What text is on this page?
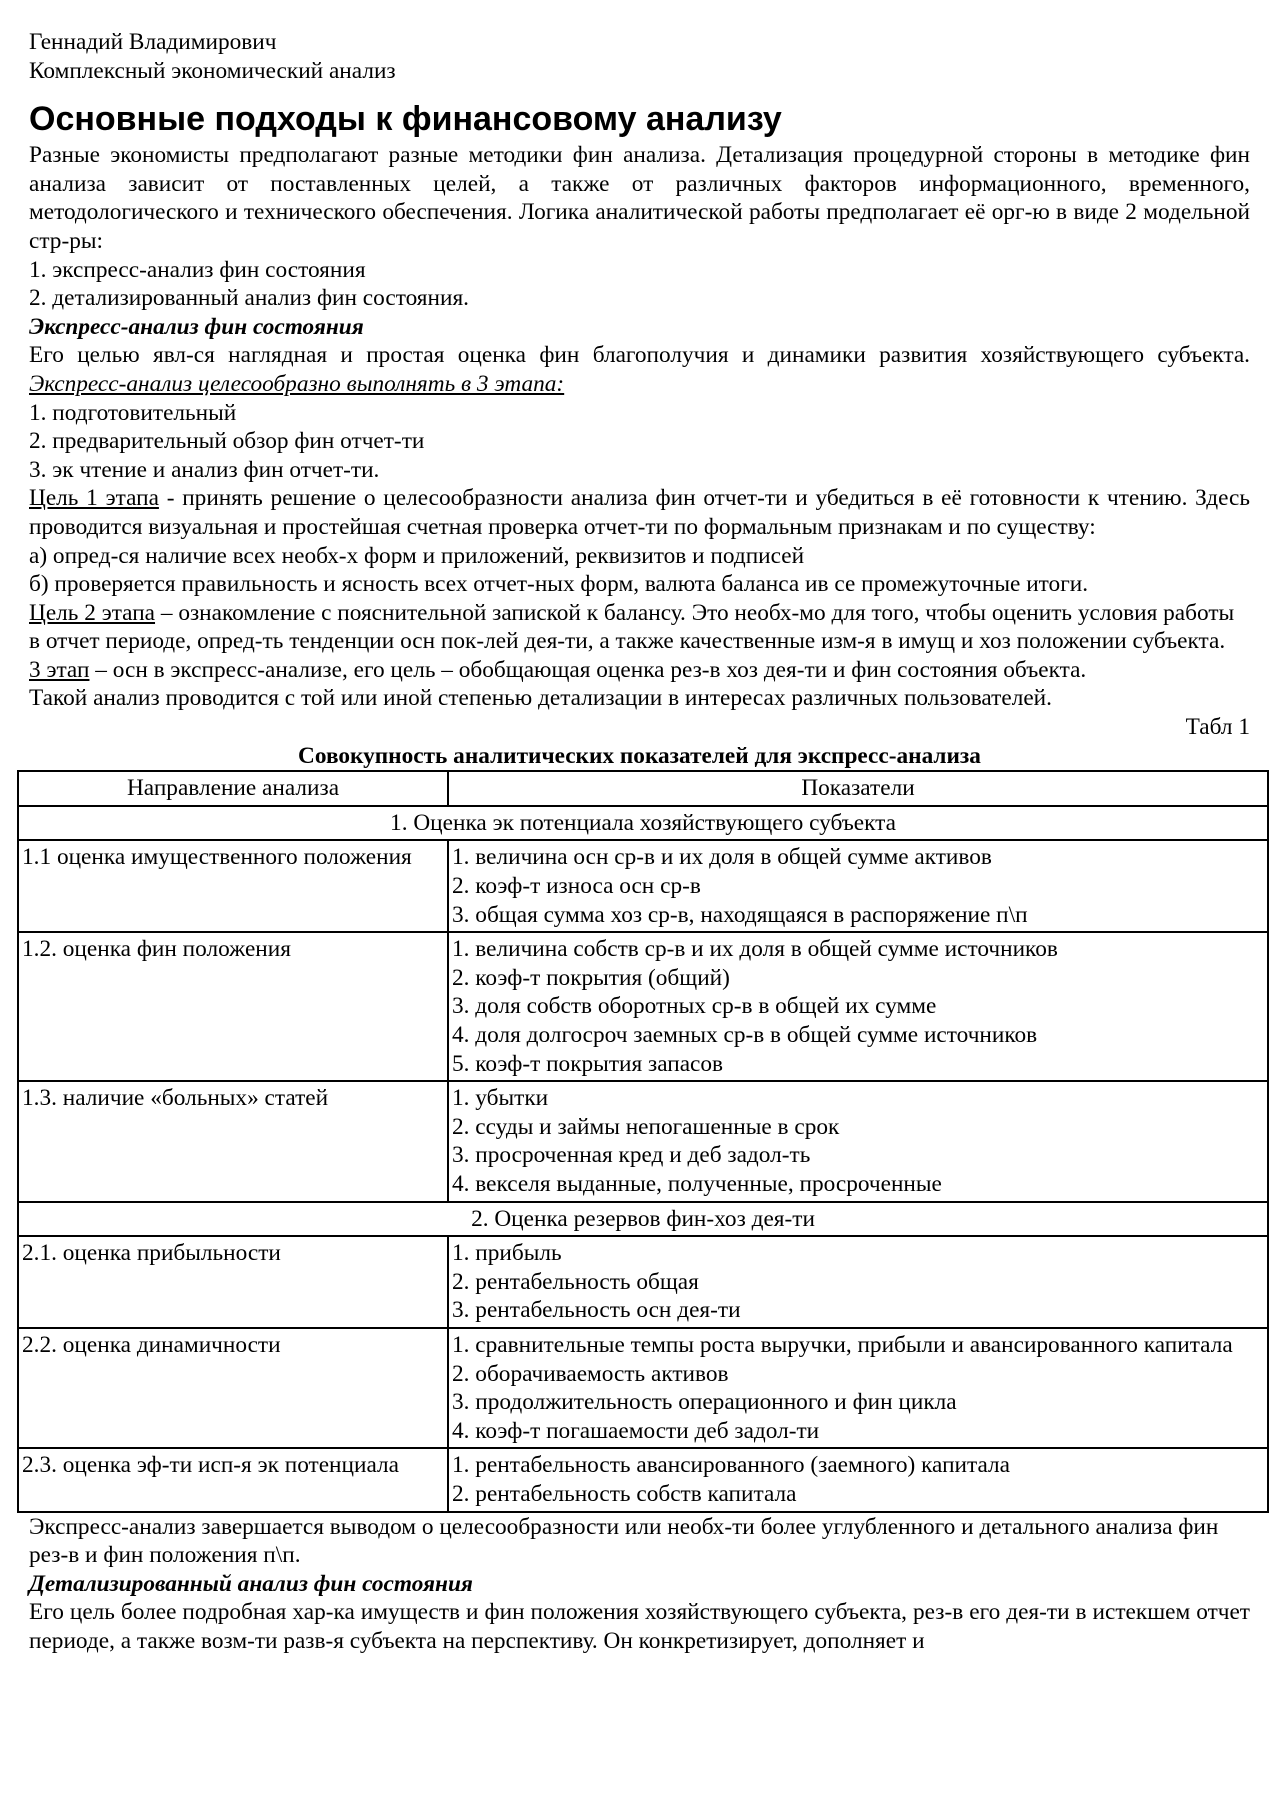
Геннадий Владимирович

Комплексный экономический анализ

Основные подходы к финансовому анализу

Разные экономисты предполагают разные методики фин анализа. Детализация процедурной стороны в методике фин анализа зависит от поставленных целей, а также от различных факторов информационного, временного, методологического и технического обеспечения. Логика аналитической работы предполагает её орг-ю в виде 2 модельной стр-ры:

1. экспресс-анализ фин состояния

2. детализированный анализ фин состояния.

Экспресс-анализ фин состояния

Его целью явл-ся наглядная и простая оценка фин благополучия и динамики развития хозяйствующего субъекта. Экспресс-анализ целесообразно выполнять в 3 этапа:

1. подготовительный

2. предварительный обзор фин отчет-ти

3. эк чтение и анализ фин отчет-ти.

Цель 1 этапа - принять решение о целесообразности анализа фин отчет-ти и убедиться в её готовности к чтению. Здесь проводится визуальная и простейшая счетная проверка отчет-ти по формальным признакам и по существу:

а) опред-ся наличие всех необх-х форм и приложений, реквизитов и подписей

б) проверяется правильность и ясность всех отчет-ных форм, валюта баланса ив се промежуточные итоги.

Цель 2 этапа – ознакомление с пояснительной запиской к балансу. Это необх-мо для того, чтобы оценить условия работы в отчет периоде, опред-ть тенденции осн пок-лей дея-ти, а также качественные изм-я в имущ и хоз положении субъекта.

3 этап – осн в экспресс-анализе, его цель – обобщающая оценка рез-в хоз дея-ти и фин состояния объекта.

Такой анализ проводится с той или иной степенью детализации в интересах различных пользователей.

Табл 1

Совокупность аналитических показателей для экспресс-анализа

Направление анализа	Показатели
1. Оценка эк потенциала хозяйствующего субъекта	
1.1 оценка имущественного положения	1. величина осн ср-в и их доля в общей сумме активов
2. коэф-т износа осн ср-в
3. общая сумма хоз ср-в, находящаяся в распоряжение п\п

1.2. оценка фин положения	1. величина собств ср-в и их доля в общей сумме источников
2. коэф-т покрытия (общий)
3. доля собств оборотных ср-в в общей их сумме
4. доля долгосроч заемных ср-в в общей сумме источников
5. коэф-т покрытия запасов

1.3. наличие «больных» статей	1. убытки
2. ссуды и займы непогашенные в срок
3. просроченная кред и деб задол-ть
4. векселя выданные, полученные, просроченные

2. Оценка резервов фин-хоз дея-ти	
2.1. оценка прибыльности	1. прибыль
2. рентабельность общая
3. рентабельность осн дея-ти

2.2. оценка динамичности	1. сравнительные темпы роста выручки, прибыли и авансированного капитала
2. оборачиваемость активов
3. продолжительность операционного и фин цикла
4. коэф-т погашаемости деб задол-ти

2.3. оценка эф-ти исп-я эк потенциала	1. рентабельность авансированного (заемного) капитала
2. рентабельность собств капитала

Экспресс-анализ завершается выводом о целесообразности или необх-ти более углубленного и детального анализа фин рез-в и фин положения п\п.

Детализированный анализ фин состояния

Его цель более подробная хар-ка имуществ и фин положения хозяйствующего субъекта, рез-в его дея-ти в истекшем отчет периоде, а также возм-ти разв-я субъекта на перспективу. Он конкретизирует, дополняет и
